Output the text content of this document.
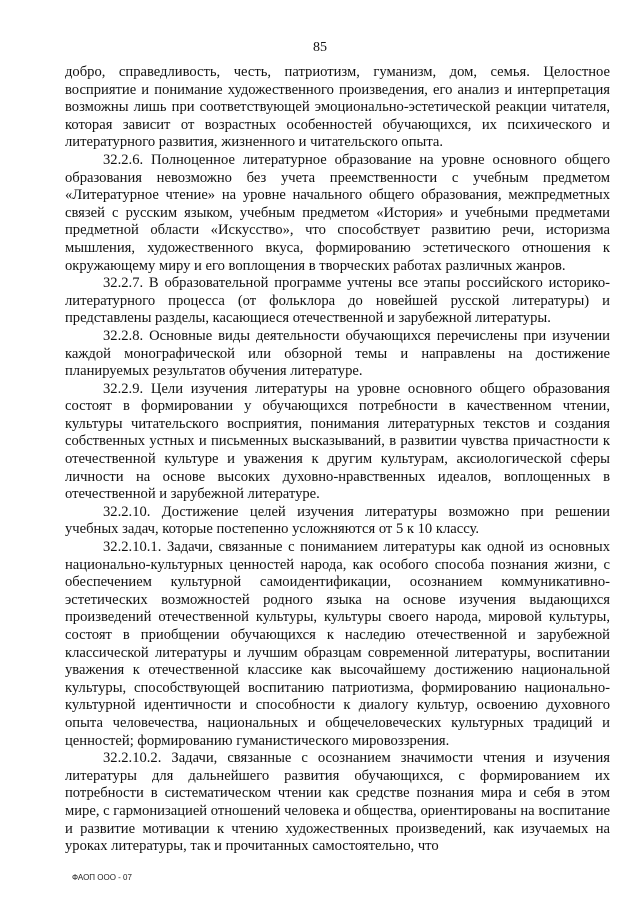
85

добро, справедливость, честь, патриотизм, гуманизм, дом, семья. Целостное восприятие и понимание художественного произведения, его анализ и интерпретация возможны лишь при соответствующей эмоционально-эстетической реакции читателя, которая зависит от возрастных особенностей обучающихся, их психического и литературного развития, жизненного и читательского опыта.

32.2.6. Полноценное литературное образование на уровне основного общего образования невозможно без учета преемственности с учебным предметом «Литературное чтение» на уровне начального общего образования, межпредметных связей с русским языком, учебным предметом «История» и учебными предметами предметной области «Искусство», что способствует развитию речи, историзма мышления, художественного вкуса, формированию эстетического отношения к окружающему миру и его воплощения в творческих работах различных жанров.

32.2.7. В образовательной программе учтены все этапы российского историко-литературного процесса (от фольклора до новейшей русской литературы) и представлены разделы, касающиеся отечественной и зарубежной литературы.

32.2.8. Основные виды деятельности обучающихся перечислены при изучении каждой монографической или обзорной темы и направлены на достижение планируемых результатов обучения литературе.

32.2.9. Цели изучения литературы на уровне основного общего образования состоят в формировании у обучающихся потребности в качественном чтении, культуры читательского восприятия, понимания литературных текстов и создания собственных устных и письменных высказываний, в развитии чувства причастности к отечественной культуре и уважения к другим культурам, аксиологической сферы личности на основе высоких духовно-нравственных идеалов, воплощенных в отечественной и зарубежной литературе.

32.2.10. Достижение целей изучения литературы возможно при решении учебных задач, которые постепенно усложняются от 5 к 10 классу.

32.2.10.1. Задачи, связанные с пониманием литературы как одной из основных национально-культурных ценностей народа, как особого способа познания жизни, с обеспечением культурной самоидентификации, осознанием коммуникативно-эстетических возможностей родного языка на основе изучения выдающихся произведений отечественной культуры, культуры своего народа, мировой культуры, состоят в приобщении обучающихся к наследию отечественной и зарубежной классической литературы и лучшим образцам современной литературы, воспитании уважения к отечественной классике как высочайшему достижению национальной культуры, способствующей воспитанию патриотизма, формированию национально-культурной идентичности и способности к диалогу культур, освоению духовного опыта человечества, национальных и общечеловеческих культурных традиций и ценностей; формированию гуманистического мировоззрения.

32.2.10.2. Задачи, связанные с осознанием значимости чтения и изучения литературы для дальнейшего развития обучающихся, с формированием их потребности в систематическом чтении как средстве познания мира и себя в этом мире, с гармонизацией отношений человека и общества, ориентированы на воспитание и развитие мотивации к чтению художественных произведений, как изучаемых на уроках литературы, так и прочитанных самостоятельно, что

ФАОП ООО - 07
